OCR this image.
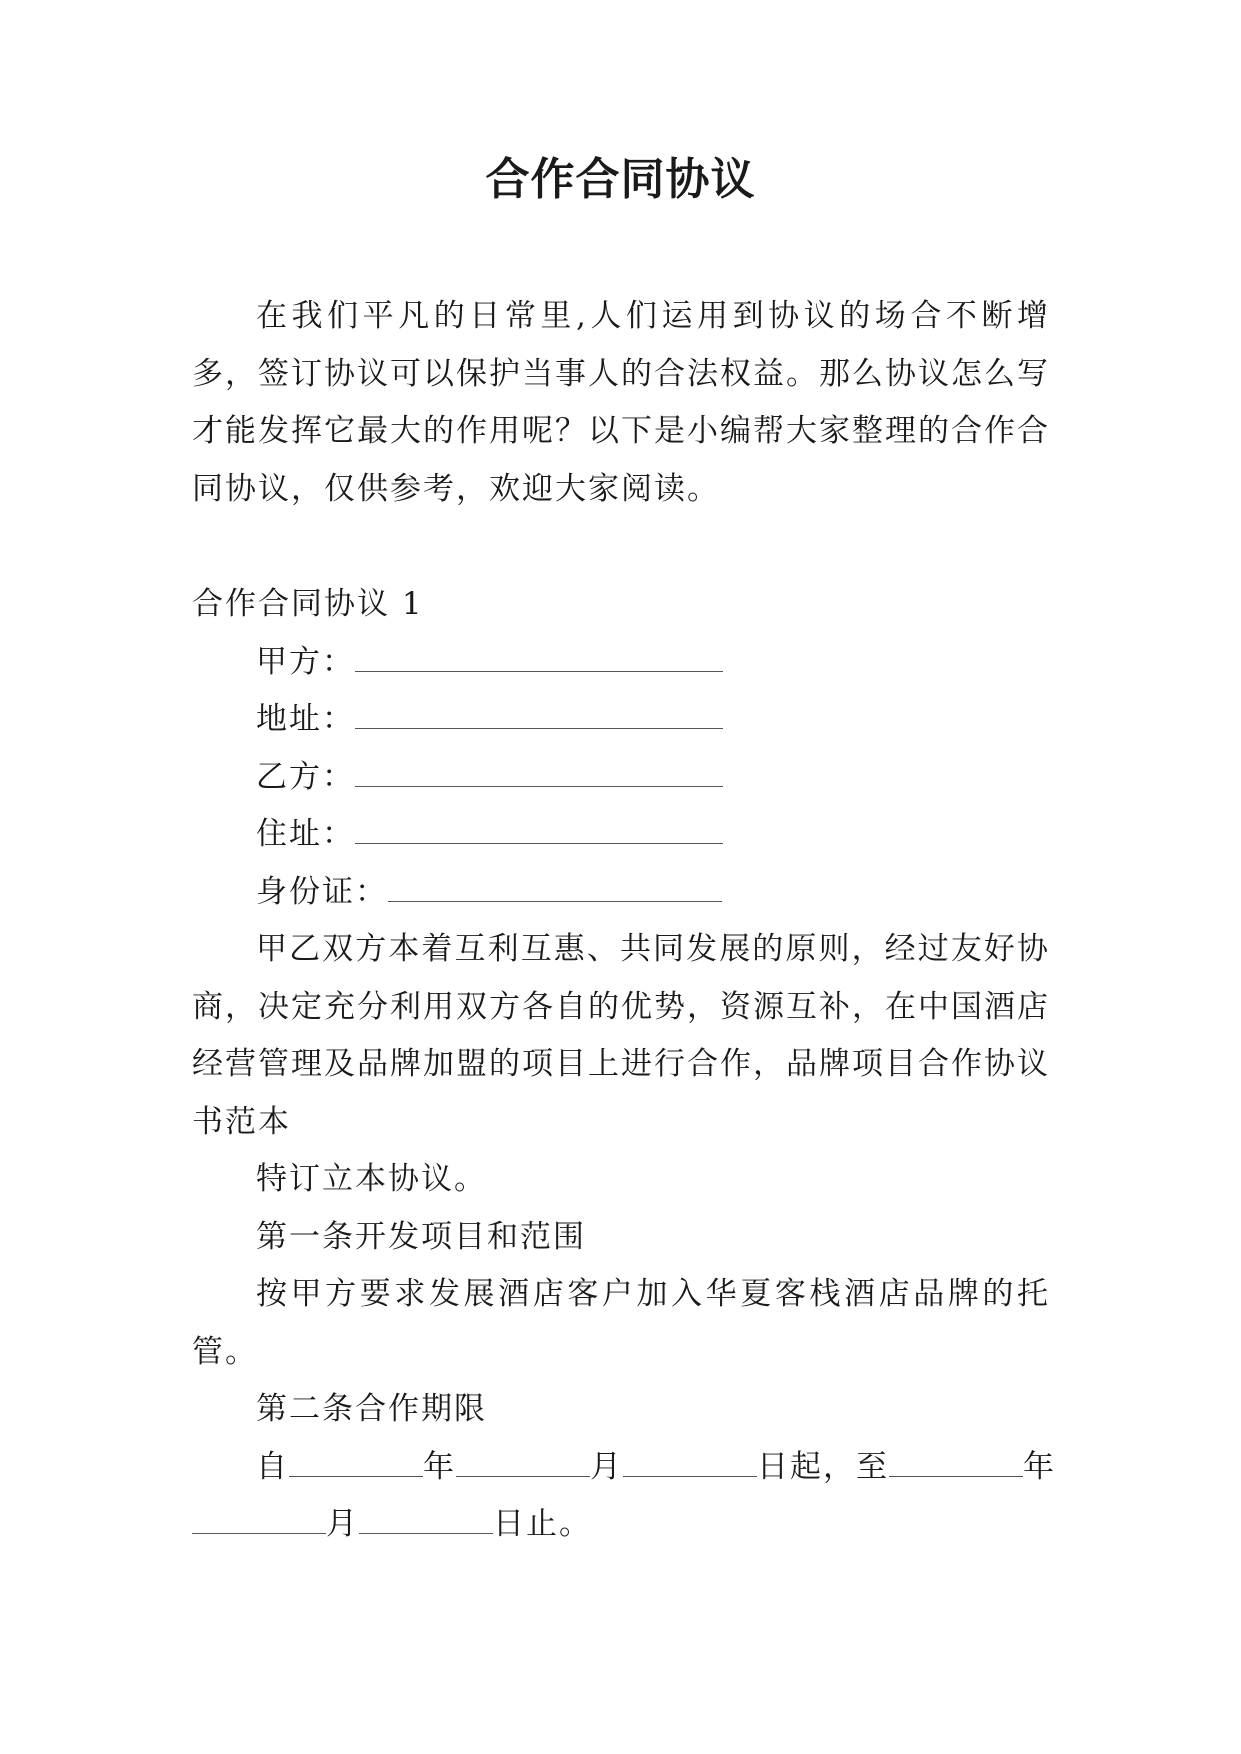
合作合同协议

在我们平凡的日常里,人们运用到协议的场合不断增多，签订协议可以保护当事人的合法权益。那么协议怎么写才能发挥它最大的作用呢？以下是小编帮大家整理的合作合同协议，仅供参考，欢迎大家阅读。

合作合同协议 1

甲方：

地址：

乙方：

住址：

身份证：

甲乙双方本着互利互惠、共同发展的原则，经过友好协商，决定充分利用双方各自的优势，资源互补，在中国酒店经营管理及品牌加盟的项目上进行合作，品牌项目合作协议书范本

特订立本协议。

第一条开发项目和范围

按甲方要求发展酒店客户加入华夏客栈酒店品牌的托管。

第二条合作期限

自	年	月	日起，至	年

月	日止。
